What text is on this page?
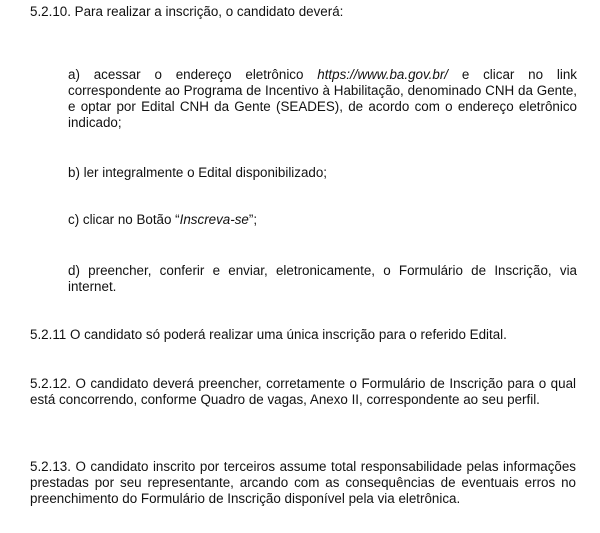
5.2.10. Para realizar a inscrição, o candidato deverá:

a) acessar o endereço eletrônico https://www.ba.gov.br/ e clicar no link correspondente ao Programa de Incentivo à Habilitação, denominado CNH da Gente, e optar por Edital CNH da Gente (SEADES), de acordo com o endereço eletrônico indicado;

b) ler integralmente o Edital disponibilizado;

c) clicar no Botão “Inscreva-se”;

d) preencher, conferir e enviar, eletronicamente, o Formulário de Inscrição, via internet.

5.2.11 O candidato só poderá realizar uma única inscrição para o referido Edital.

5.2.12. O candidato deverá preencher, corretamente o Formulário de Inscrição para o qual está concorrendo, conforme Quadro de vagas, Anexo II, correspondente ao seu perfil.

5.2.13. O candidato inscrito por terceiros assume total responsabilidade pelas informações prestadas por seu representante, arcando com as consequências de eventuais erros no preenchimento do Formulário de Inscrição disponível pela via eletrônica.
